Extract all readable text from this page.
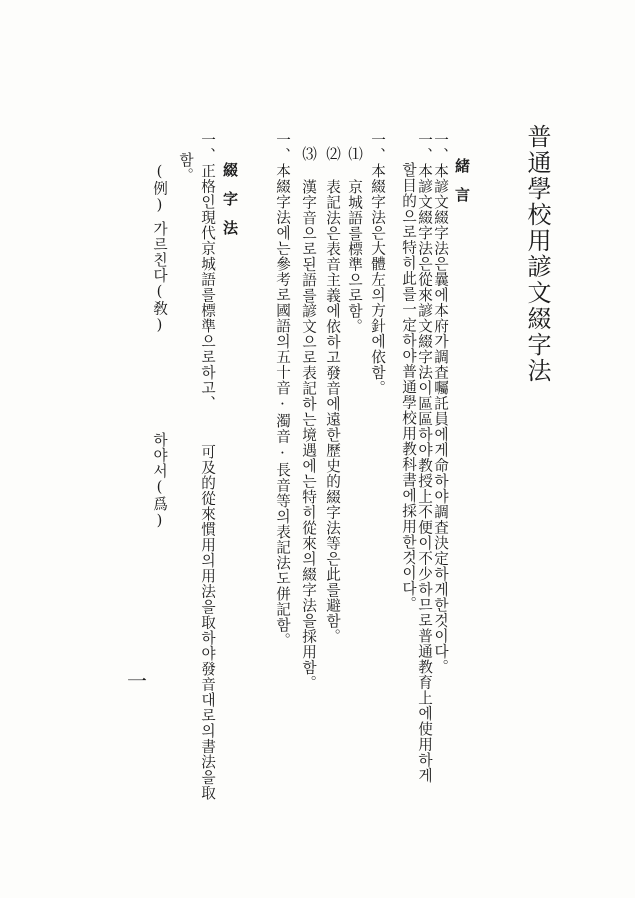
普通學校用諺文綴字法
緒言
一、本諺文綴字法은曩에本府가調査囑託員에게命하야調査決定하게한것이다。
一、本諺文綴字法은從來諺文綴字法이區區하야教授上不便이不少하므로普通教育上에使用하게
할目的으로特히此를一定하야普通學校用教科書에採用한것이다。
一、本綴字法은大體左의方針에依함。
⑴ 京城語를標準으로함。
⑵ 表記法은表音主義에依하고發音에遠한歷史的綴字法等은此를避함。
⑶ 漢字音으로된語를諺文으로表記하는境遇에는特히從來의綴字法을採用함。
一、本綴字法에는參考로國語의五十音·濁音·長音等의表記法도併記함。
綴字法
一、正格인現代京城語를標準으로하고、
可及的從來慣用의用法을取하야發音대로의書法을取
함。
(例)
가르친다(敎)
하야서(爲)
一
